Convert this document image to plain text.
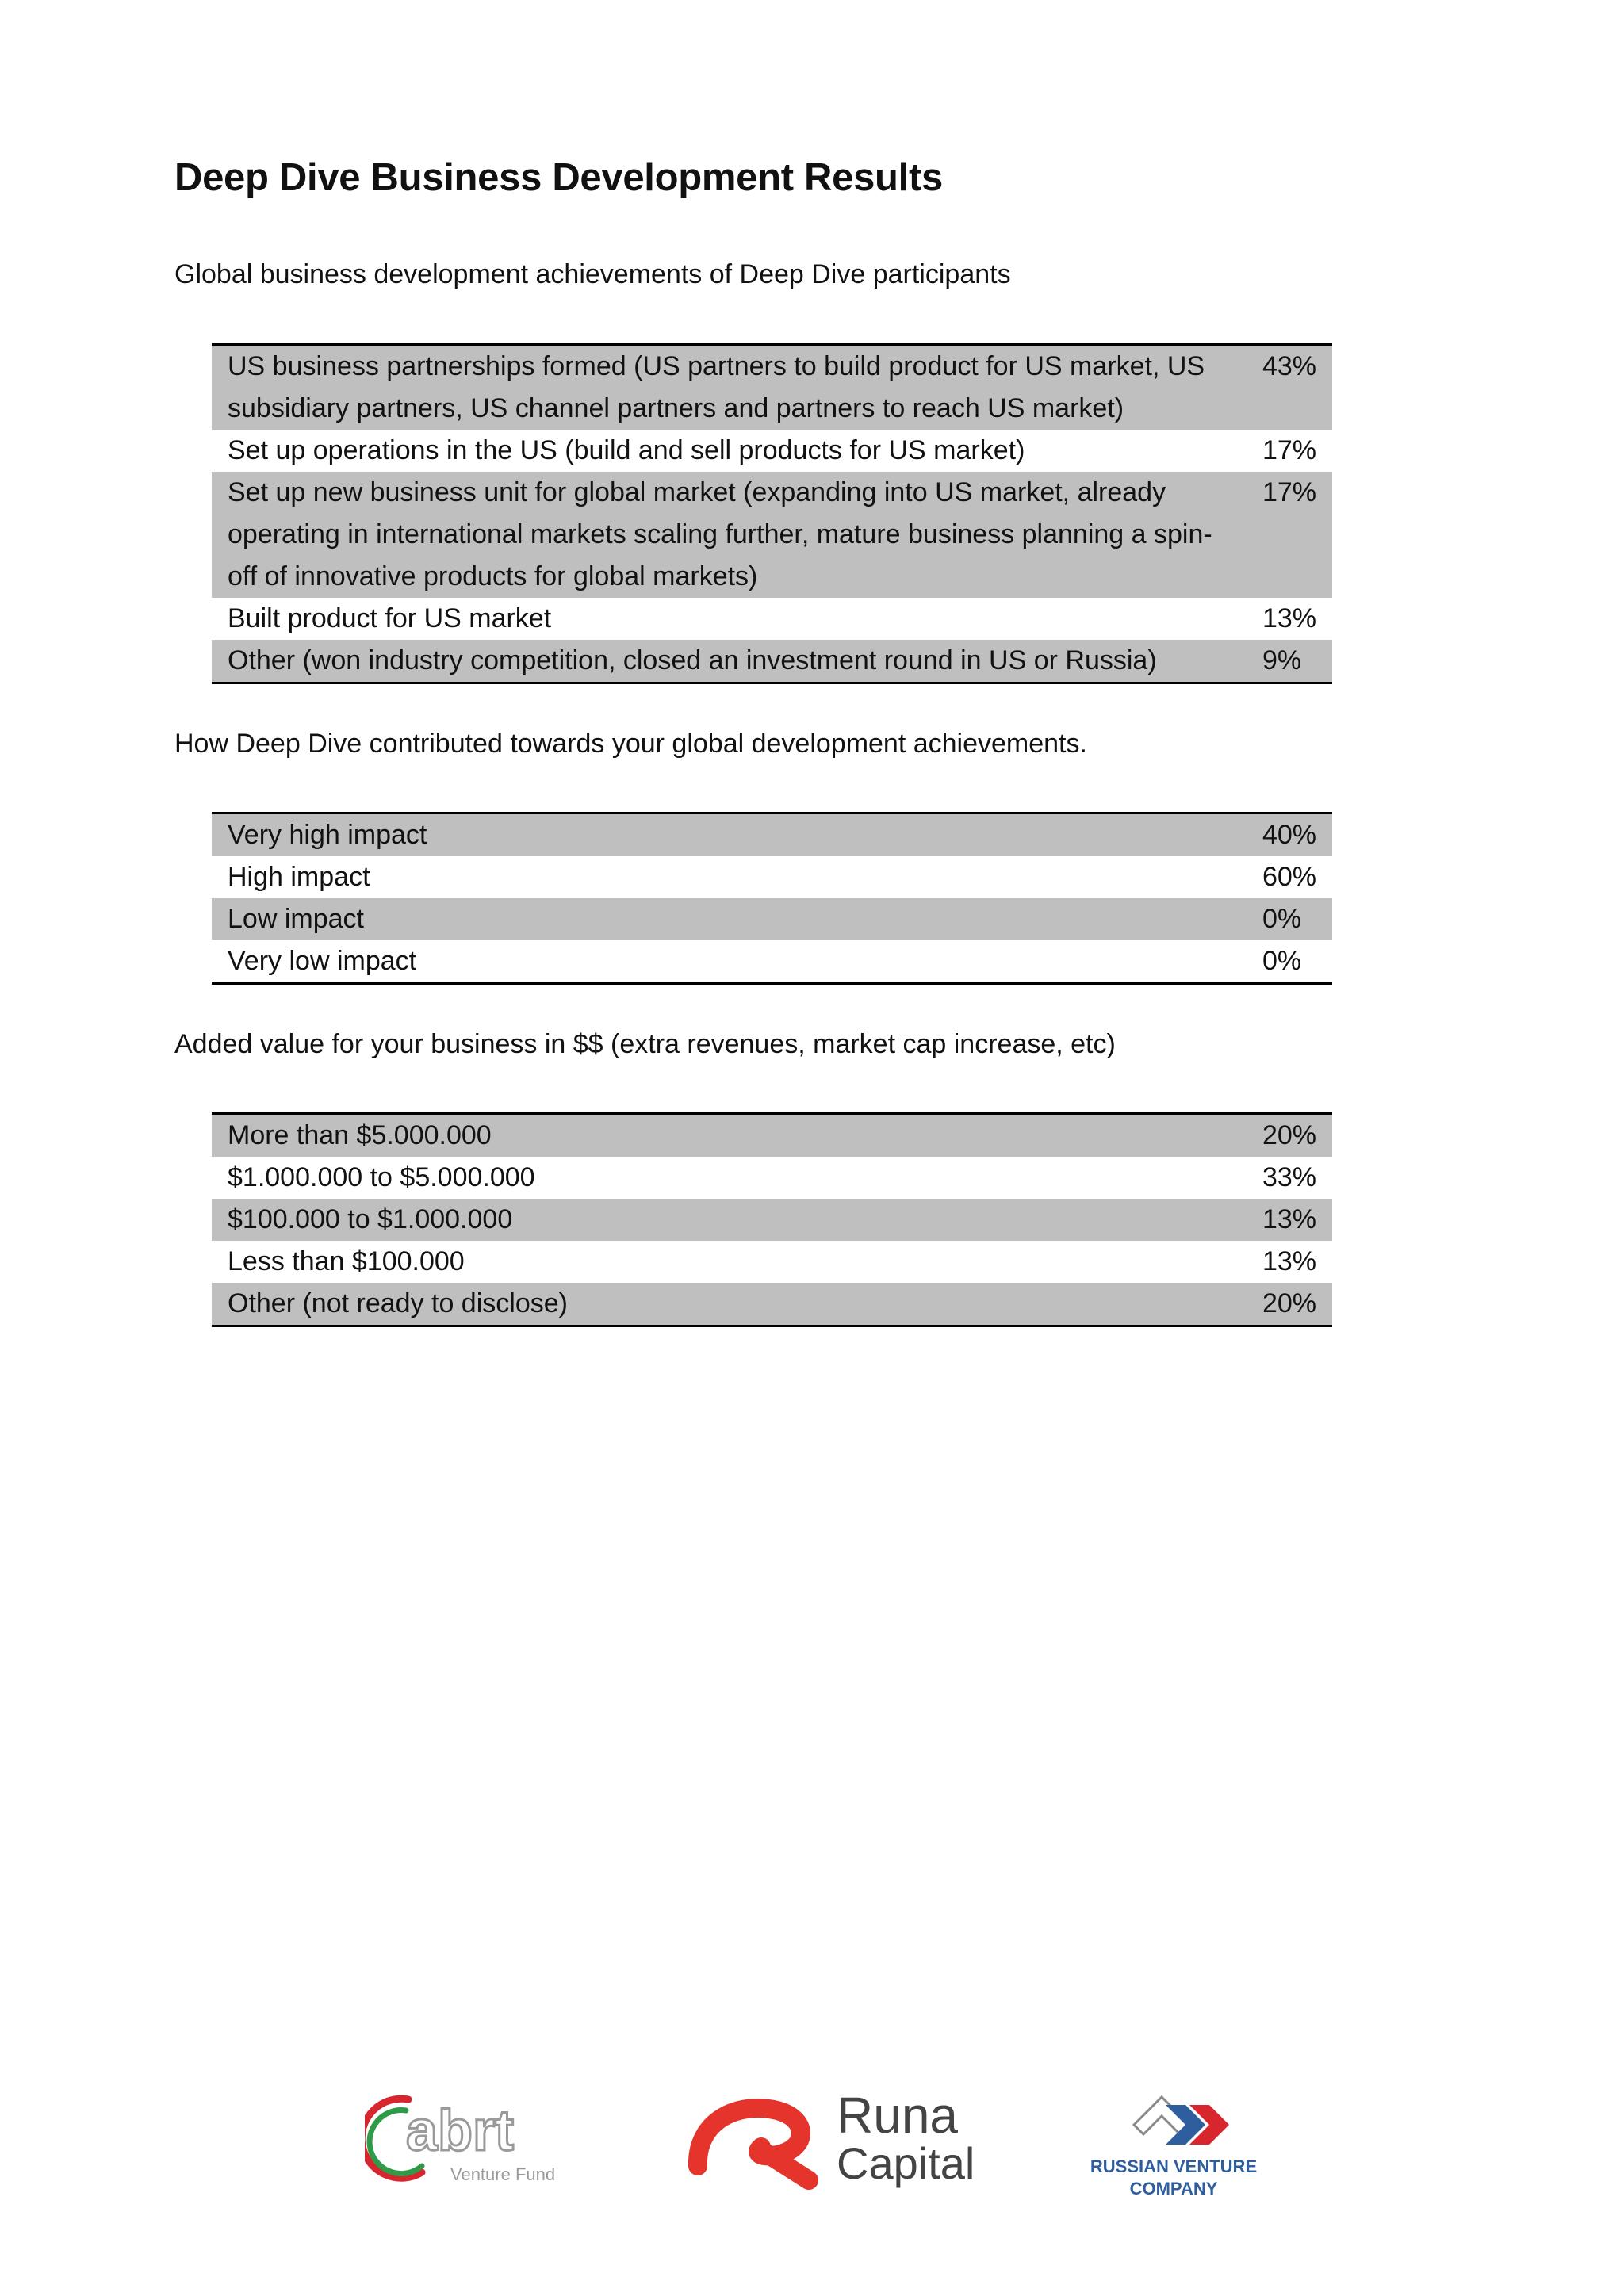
Deep Dive Business Development Results
Global business development achievements of Deep Dive participants
US business partnerships formed (US partners to build product for US market, US subsidiary partners, US channel partners and partners to reach US market)	43%
Set up operations in the US (build and sell products for US market)	17%
Set up new business unit for global market (expanding into US market, already operating in international markets scaling further, mature business planning a spin-off of innovative products for global markets)	17%
Built product for US market	13%
Other (won industry competition, closed an investment round in US or Russia)	9%
How Deep Dive contributed towards your global development achievements.
Very high impact	40%
High impact	60%
Low impact	0%
Very low impact	0%
Added value for your business in $$ (extra revenues, market cap increase, etc)
More than $5.000.000	20%
$1.000.000 to $5.000.000	33%
$100.000 to $1.000.000	13%
Less than $100.000	13%
Other (not ready to disclose)	20%
abrt
Venture Fund
Runa
Capital	RUSSIAN VENTURE
COMPANY
